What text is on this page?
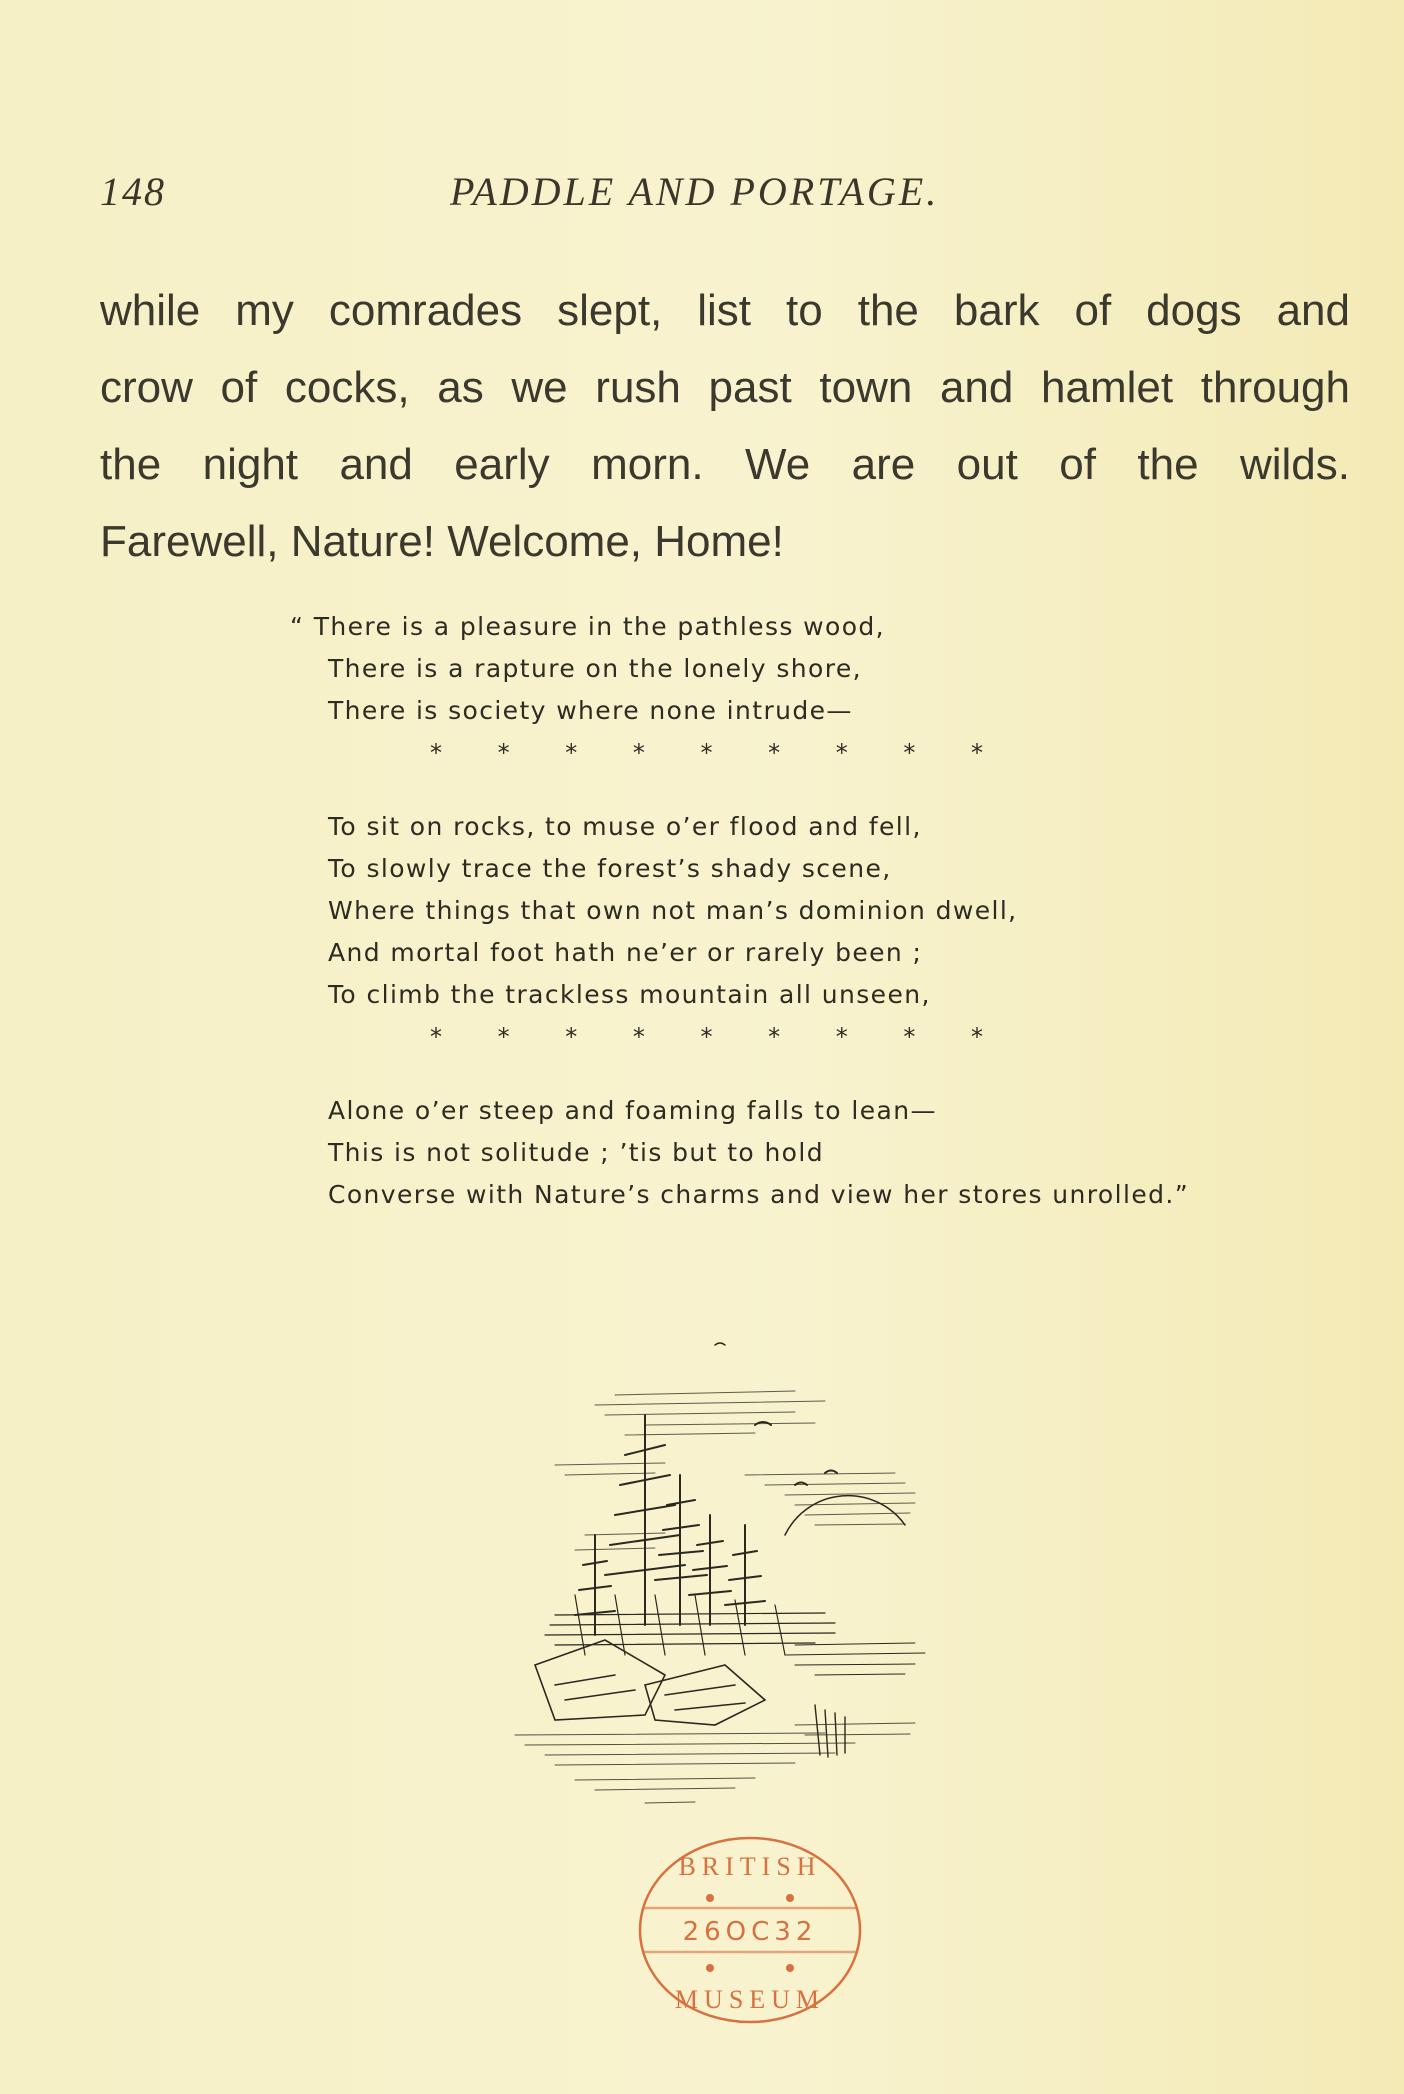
148	PADDLE AND PORTAGE.
while my comrades slept, list to the bark of dogs and
crow of cocks, as we rush past town and hamlet through
the night and early morn. We are out of the wilds.
Farewell, Nature! Welcome, Home!
“ There is a pleasure in the pathless wood,
There is a rapture on the lonely shore,
There is society where none intrude—
* * * * * * * * *
To sit on rocks, to muse o’er flood and fell,
To slowly trace the forest’s shady scene,
Where things that own not man’s dominion dwell,
And mortal foot hath ne’er or rarely been ;
To climb the trackless mountain all unseen,
* * * * * * * * *
Alone o’er steep and foaming falls to lean—
This is not solitude ; ’tis but to hold
Converse with Nature’s charms and view her stores unrolled.”
BRITISH
26OC32
MUSEUM
